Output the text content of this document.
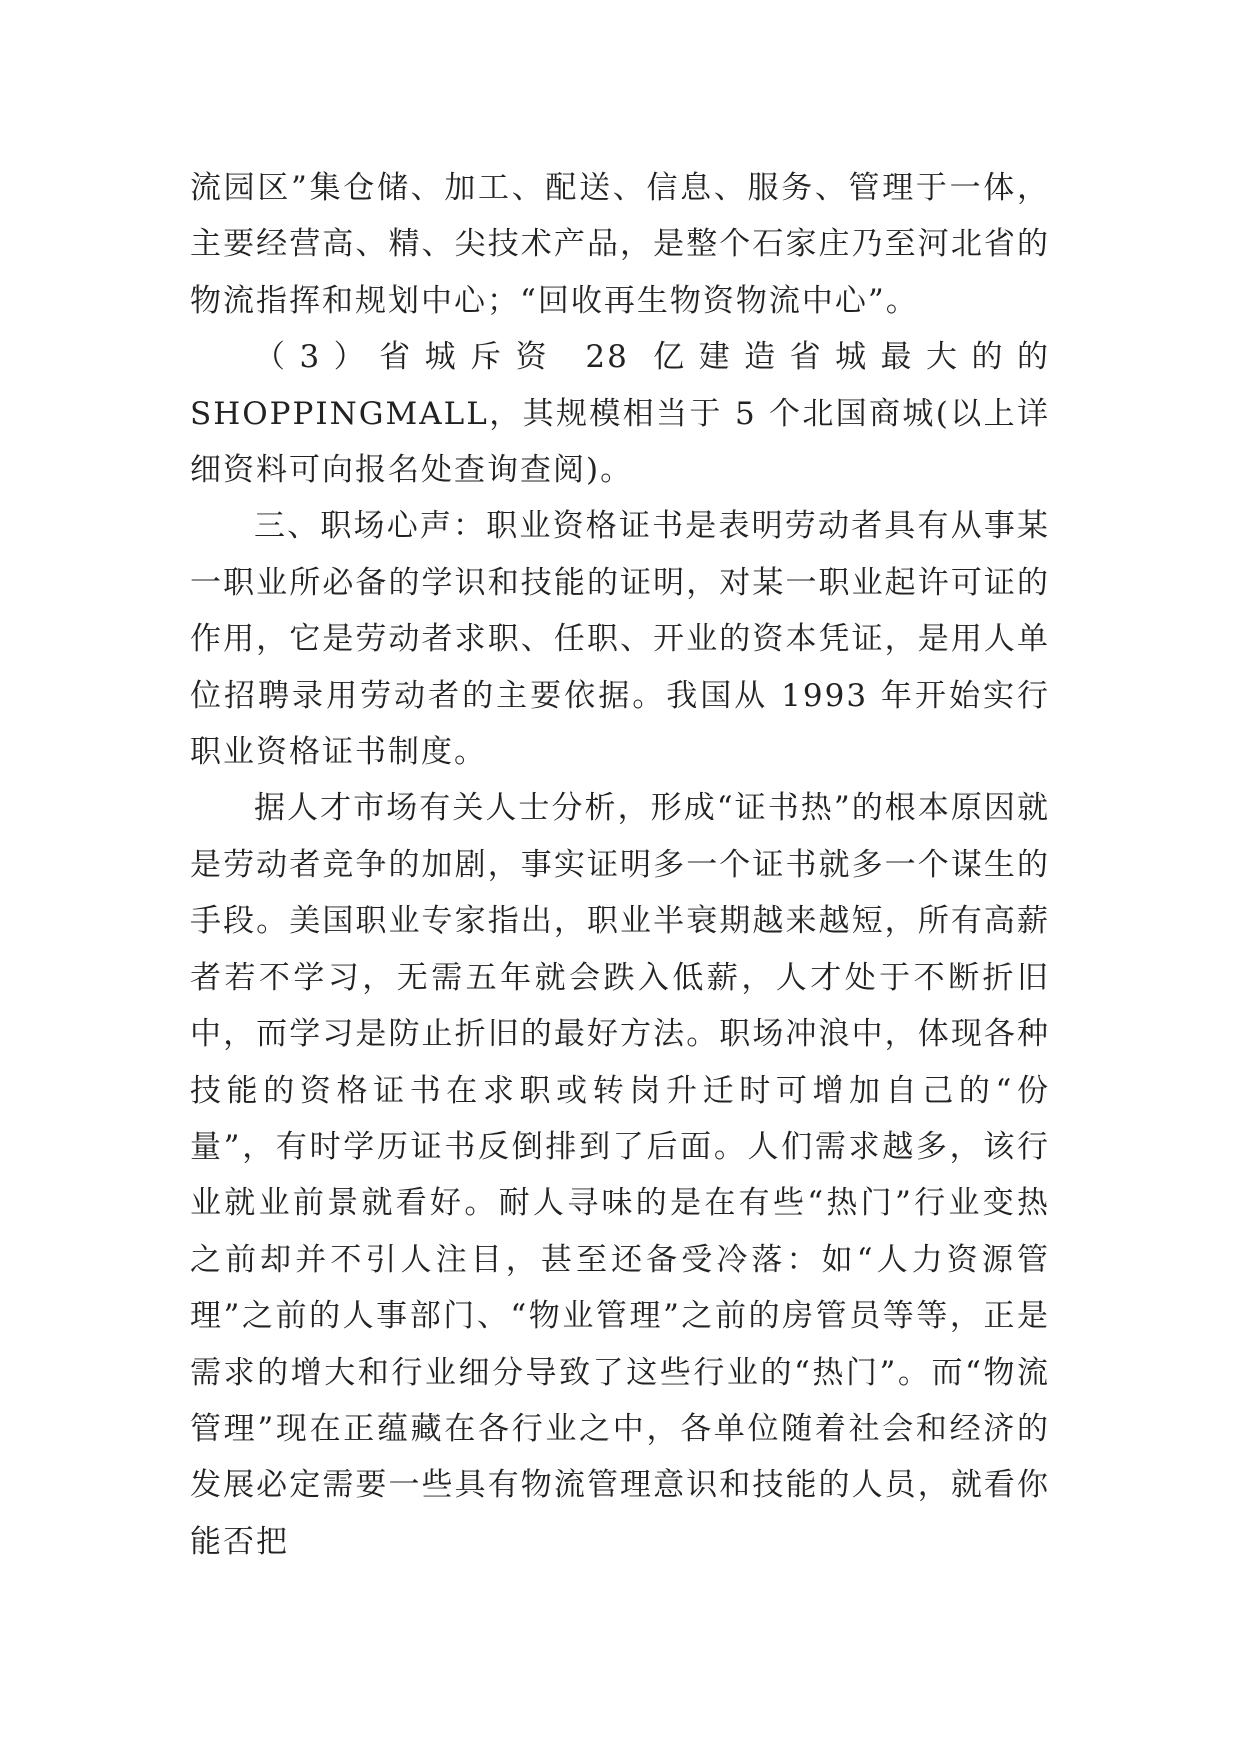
流园区”集仓储、加工、配送、信息、服务、管理于一体，主要经营高、精、尖技术产品，是整个石家庄乃至河北省的物流指挥和规划中心；“回收再生物资物流中心”。

（3）省城斥资 28 亿建造省城最大的的 SHOPPINGMALL，其规模相当于 5 个北国商城(以上详细资料可向报名处查询查阅)。

三、职场心声：职业资格证书是表明劳动者具有从事某一职业所必备的学识和技能的证明，对某一职业起许可证的作用，它是劳动者求职、任职、开业的资本凭证，是用人单位招聘录用劳动者的主要依据。我国从 1993 年开始实行职业资格证书制度。

据人才市场有关人士分析，形成“证书热”的根本原因就是劳动者竞争的加剧，事实证明多一个证书就多一个谋生的手段。美国职业专家指出，职业半衰期越来越短，所有高薪者若不学习，无需五年就会跌入低薪，人才处于不断折旧中，而学习是防止折旧的最好方法。职场冲浪中，体现各种技能的资格证书在求职或转岗升迁时可增加自己的“份量”，有时学历证书反倒排到了后面。人们需求越多，该行业就业前景就看好。耐人寻味的是在有些“热门”行业变热之前却并不引人注目，甚至还备受冷落：如“人力资源管理”之前的人事部门、“物业管理”之前的房管员等等，正是需求的增大和行业细分导致了这些行业的“热门”。而“物流管理”现在正蕴藏在各行业之中，各单位随着社会和经济的发展必定需要一些具有物流管理意识和技能的人员，就看你能否把
